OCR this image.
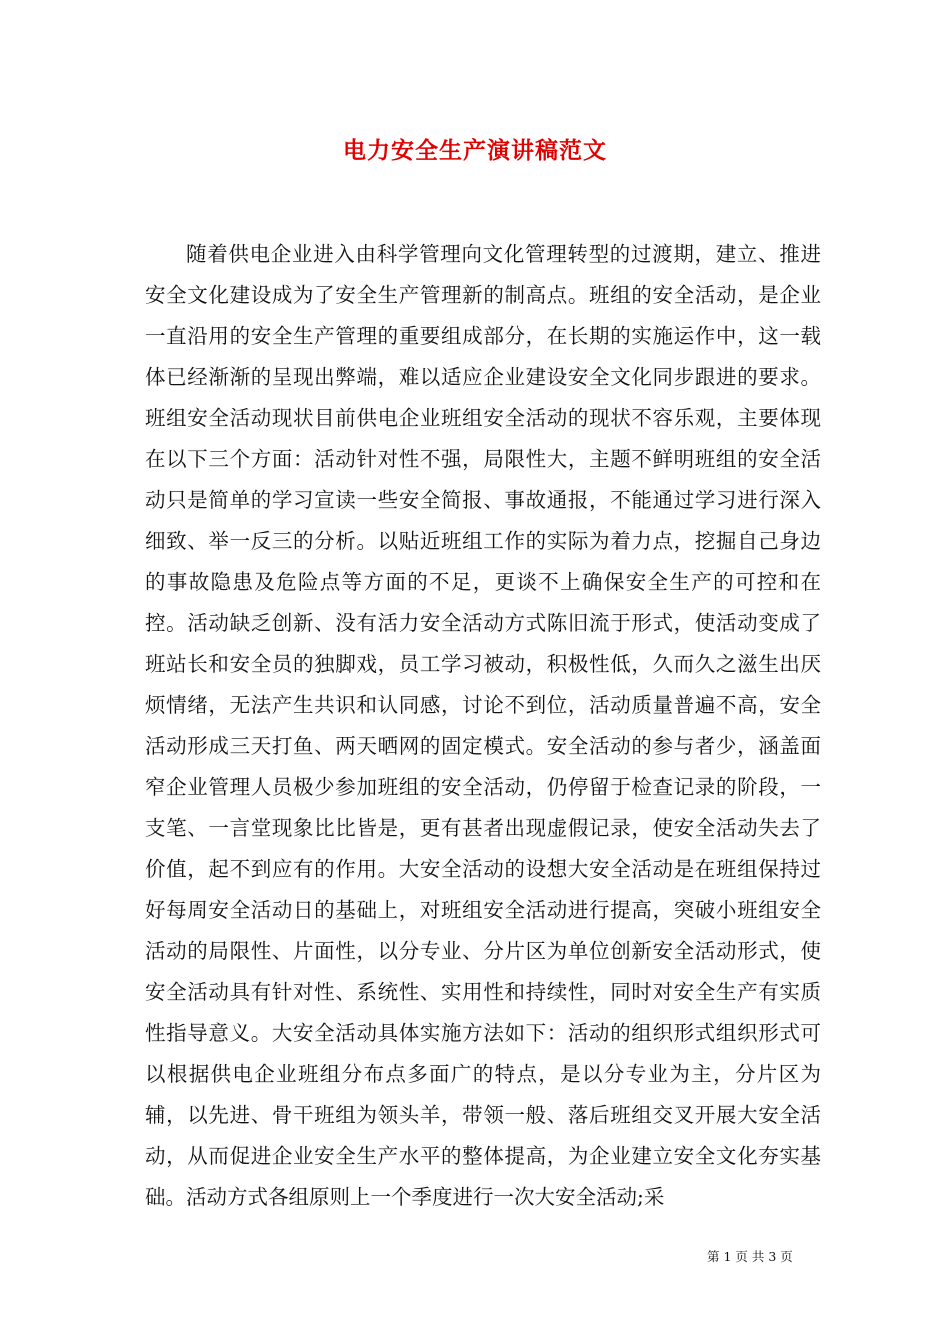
电力安全生产演讲稿范文

随着供电企业进入由科学管理向文化管理转型的过渡期，建立、推进安全文化建设成为了安全生产管理新的制高点。班组的安全活动，是企业一直沿用的安全生产管理的重要组成部分，在长期的实施运作中，这一载体已经渐渐的呈现出弊端，难以适应企业建设安全文化同步跟进的要求。班组安全活动现状目前供电企业班组安全活动的现状不容乐观，主要体现在以下三个方面：活动针对性不强，局限性大，主题不鲜明班组的安全活动只是简单的学习宣读一些安全简报、事故通报，不能通过学习进行深入细致、举一反三的分析。以贴近班组工作的实际为着力点，挖掘自己身边的事故隐患及危险点等方面的不足，更谈不上确保安全生产的可控和在控。活动缺乏创新、没有活力安全活动方式陈旧流于形式，使活动变成了班站长和安全员的独脚戏，员工学习被动，积极性低，久而久之滋生出厌烦情绪，无法产生共识和认同感，讨论不到位，活动质量普遍不高，安全活动形成三天打鱼、两天晒网的固定模式。安全活动的参与者少，涵盖面窄企业管理人员极少参加班组的安全活动，仍停留于检查记录的阶段，一支笔、一言堂现象比比皆是，更有甚者出现虚假记录，使安全活动失去了价值，起不到应有的作用。大安全活动的设想大安全活动是在班组保持过好每周安全活动日的基础上，对班组安全活动进行提高，突破小班组安全活动的局限性、片面性，以分专业、分片区为单位创新安全活动形式，使安全活动具有针对性、系统性、实用性和持续性，同时对安全生产有实质性指导意义。大安全活动具体实施方法如下：活动的组织形式组织形式可以根据供电企业班组分布点多面广的特点，是以分专业为主，分片区为辅，以先进、骨干班组为领头羊，带领一般、落后班组交叉开展大安全活动，从而促进企业安全生产水平的整体提高，为企业建立安全文化夯实基础。活动方式各组原则上一个季度进行一次大安全活动;采

第 1 页 共 3 页
